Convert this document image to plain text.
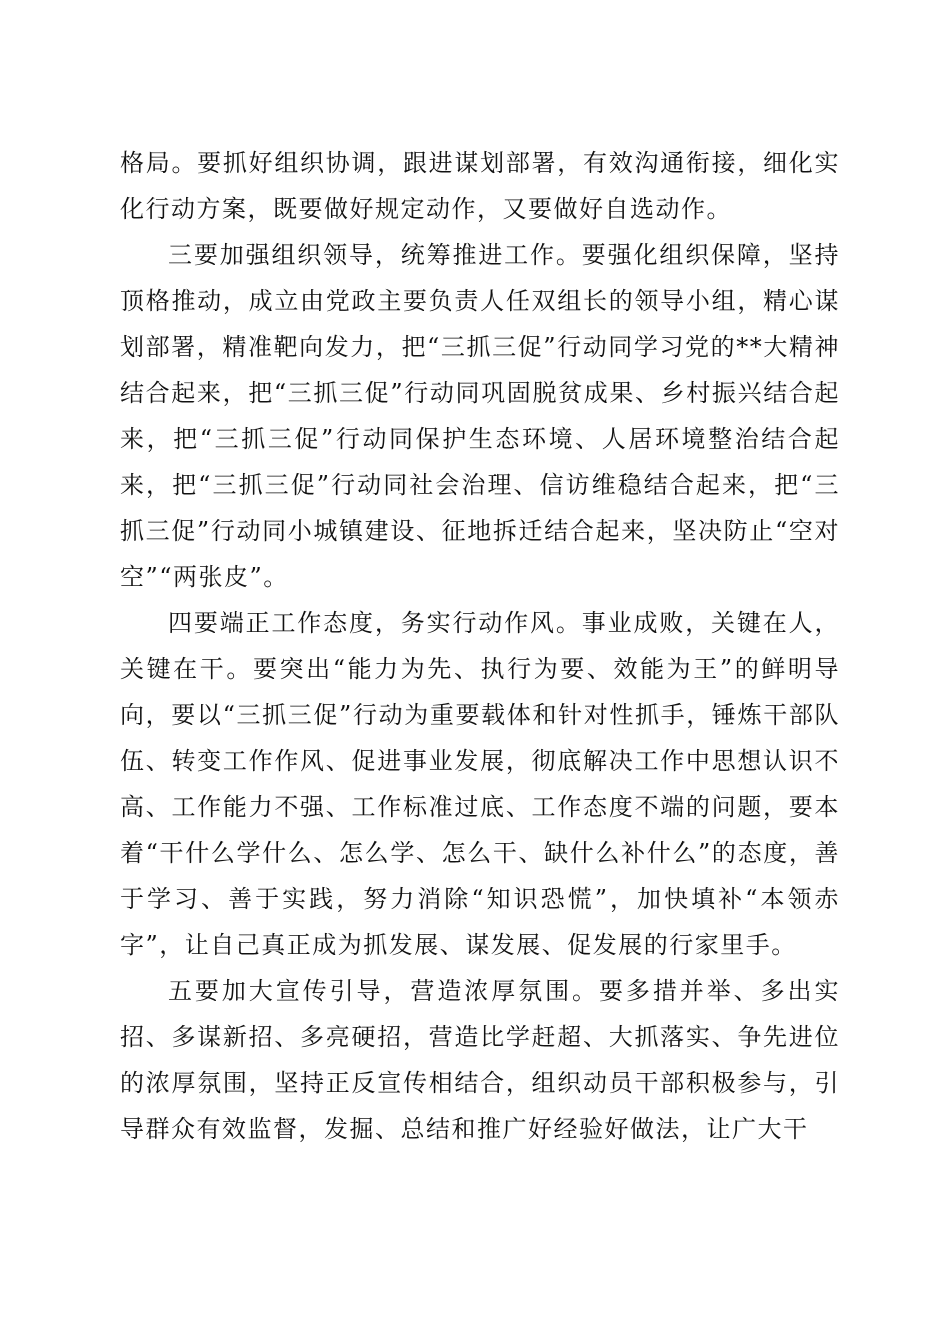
格局。要抓好组织协调，跟进谋划部署，有效沟通衔接，细化实化行动方案，既要做好规定动作，又要做好自选动作。

三要加强组织领导，统筹推进工作。要强化组织保障，坚持顶格推动，成立由党政主要负责人任双组长的领导小组，精心谋划部署，精准靶向发力，把“三抓三促”行动同学习党的**大精神结合起来，把“三抓三促”行动同巩固脱贫成果、乡村振兴结合起来，把“三抓三促”行动同保护生态环境、人居环境整治结合起来，把“三抓三促”行动同社会治理、信访维稳结合起来，把“三抓三促”行动同小城镇建设、征地拆迁结合起来，坚决防止“空对空”“两张皮”。

四要端正工作态度，务实行动作风。事业成败，关键在人，关键在干。要突出“能力为先、执行为要、效能为王”的鲜明导向，要以“三抓三促”行动为重要载体和针对性抓手，锤炼干部队伍、转变工作作风、促进事业发展，彻底解决工作中思想认识不高、工作能力不强、工作标准过底、工作态度不端的问题，要本着“干什么学什么、怎么学、怎么干、缺什么补什么”的态度，善于学习、善于实践，努力消除“知识恐慌”，加快填补“本领赤字”，让自己真正成为抓发展、谋发展、促发展的行家里手。

五要加大宣传引导，营造浓厚氛围。要多措并举、多出实招、多谋新招、多亮硬招，营造比学赶超、大抓落实、争先进位的浓厚氛围，坚持正反宣传相结合，组织动员干部积极参与，引导群众有效监督，发掘、总结和推广好经验好做法，让广大干
